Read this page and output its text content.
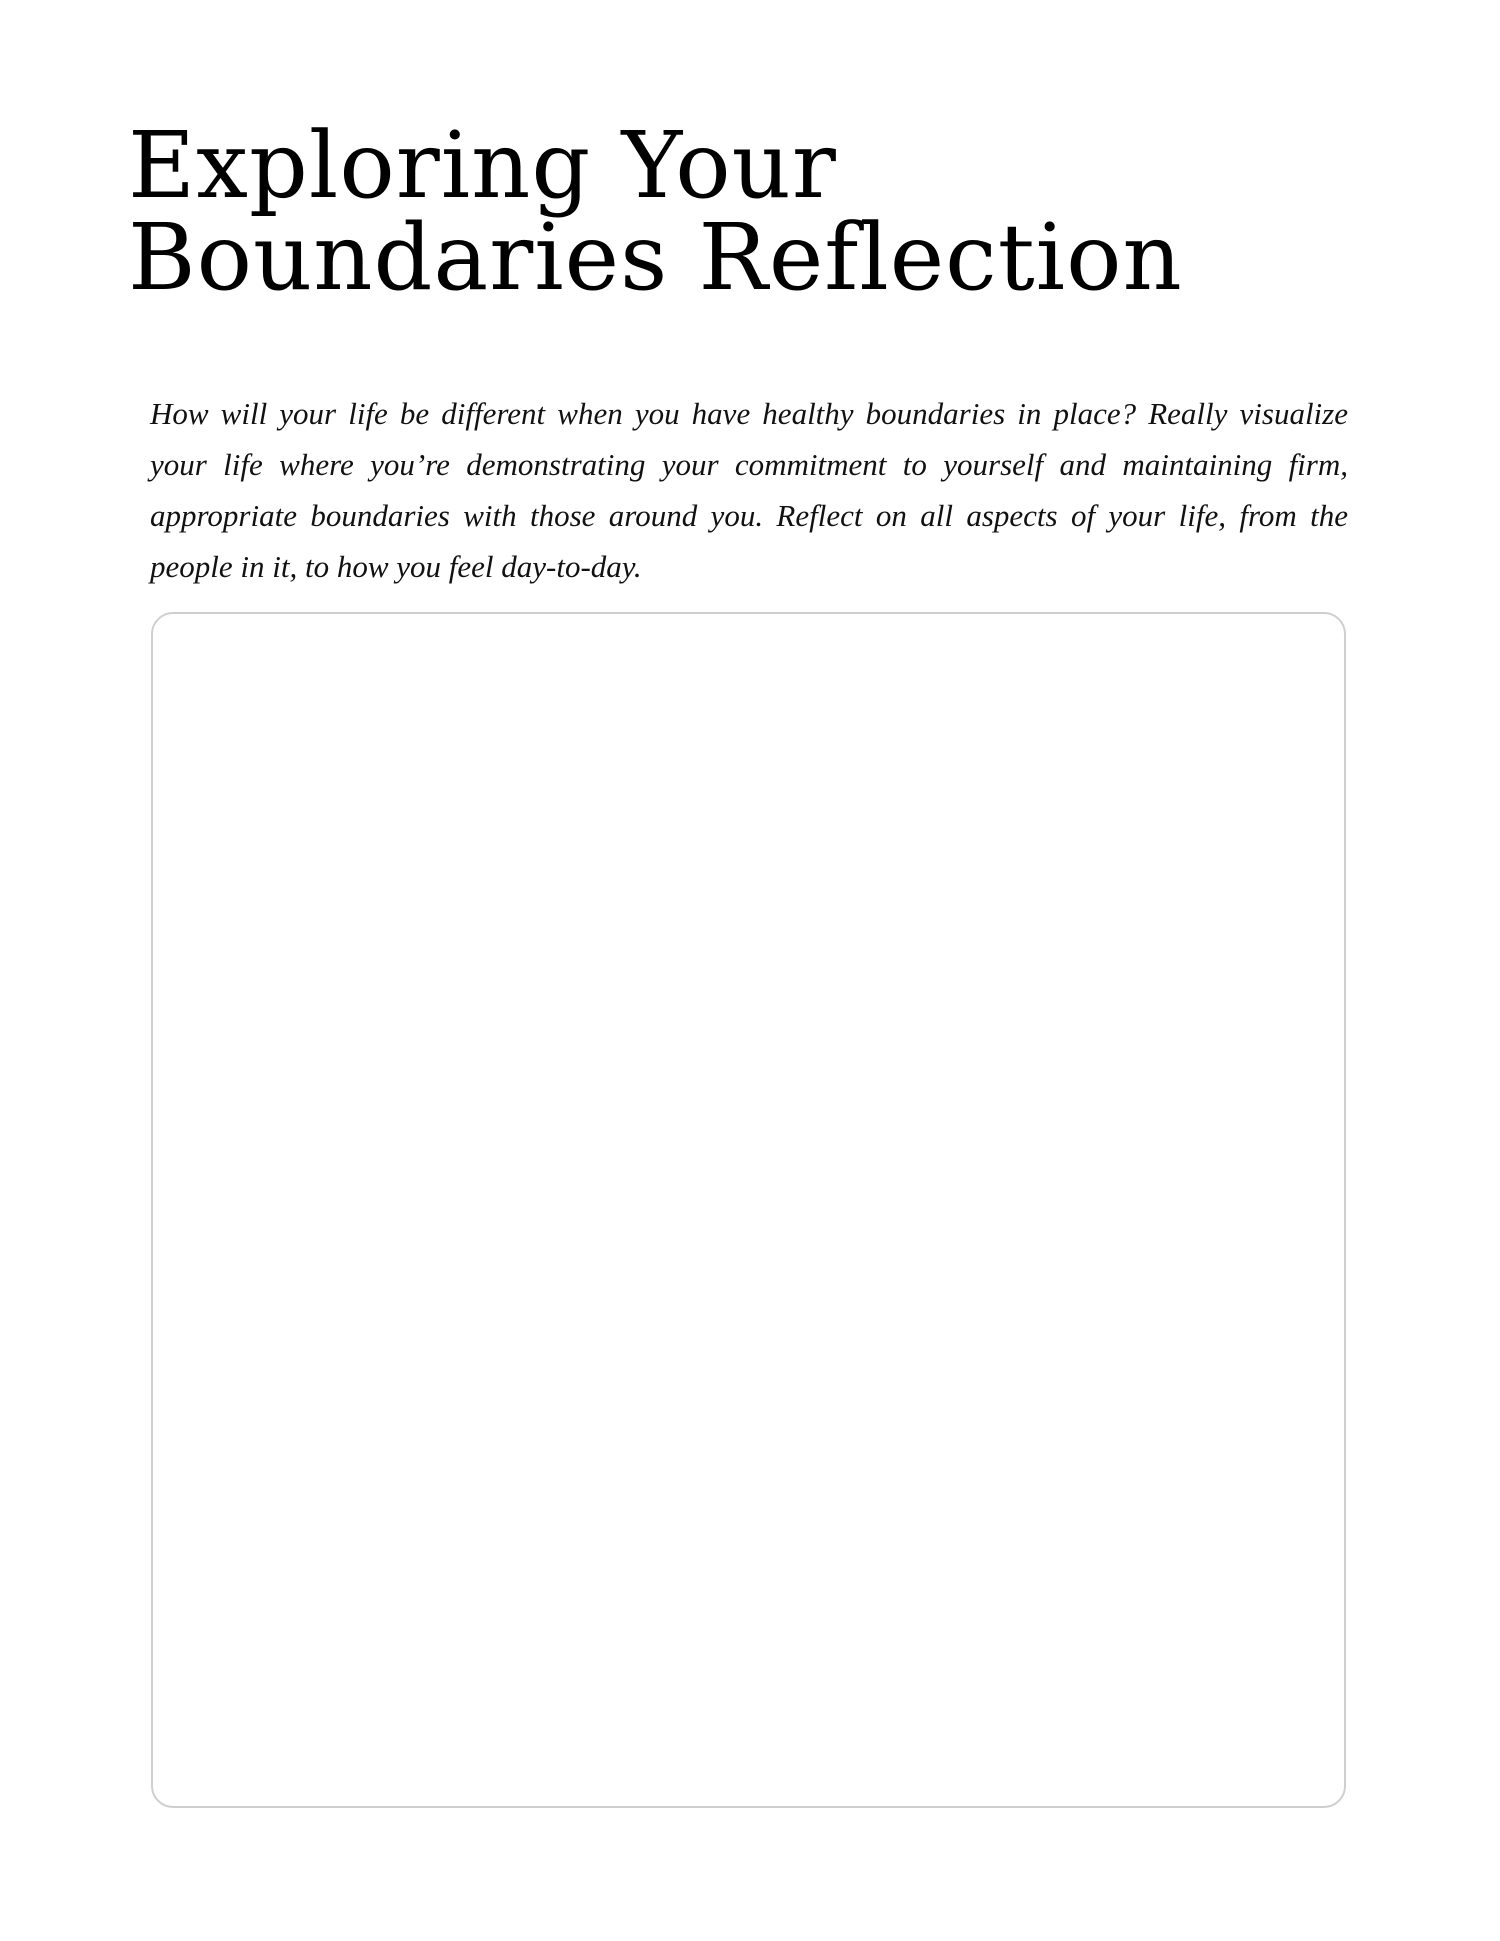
Exploring Your
Boundaries Reflection

How will your life be different when you have healthy boundaries in place? Really visualize your life where you’re demonstrating your commitment to yourself and maintaining firm, appropriate boundaries with those around you. Reflect on all aspects of your life, from the people in it, to how you feel day-to-day.
